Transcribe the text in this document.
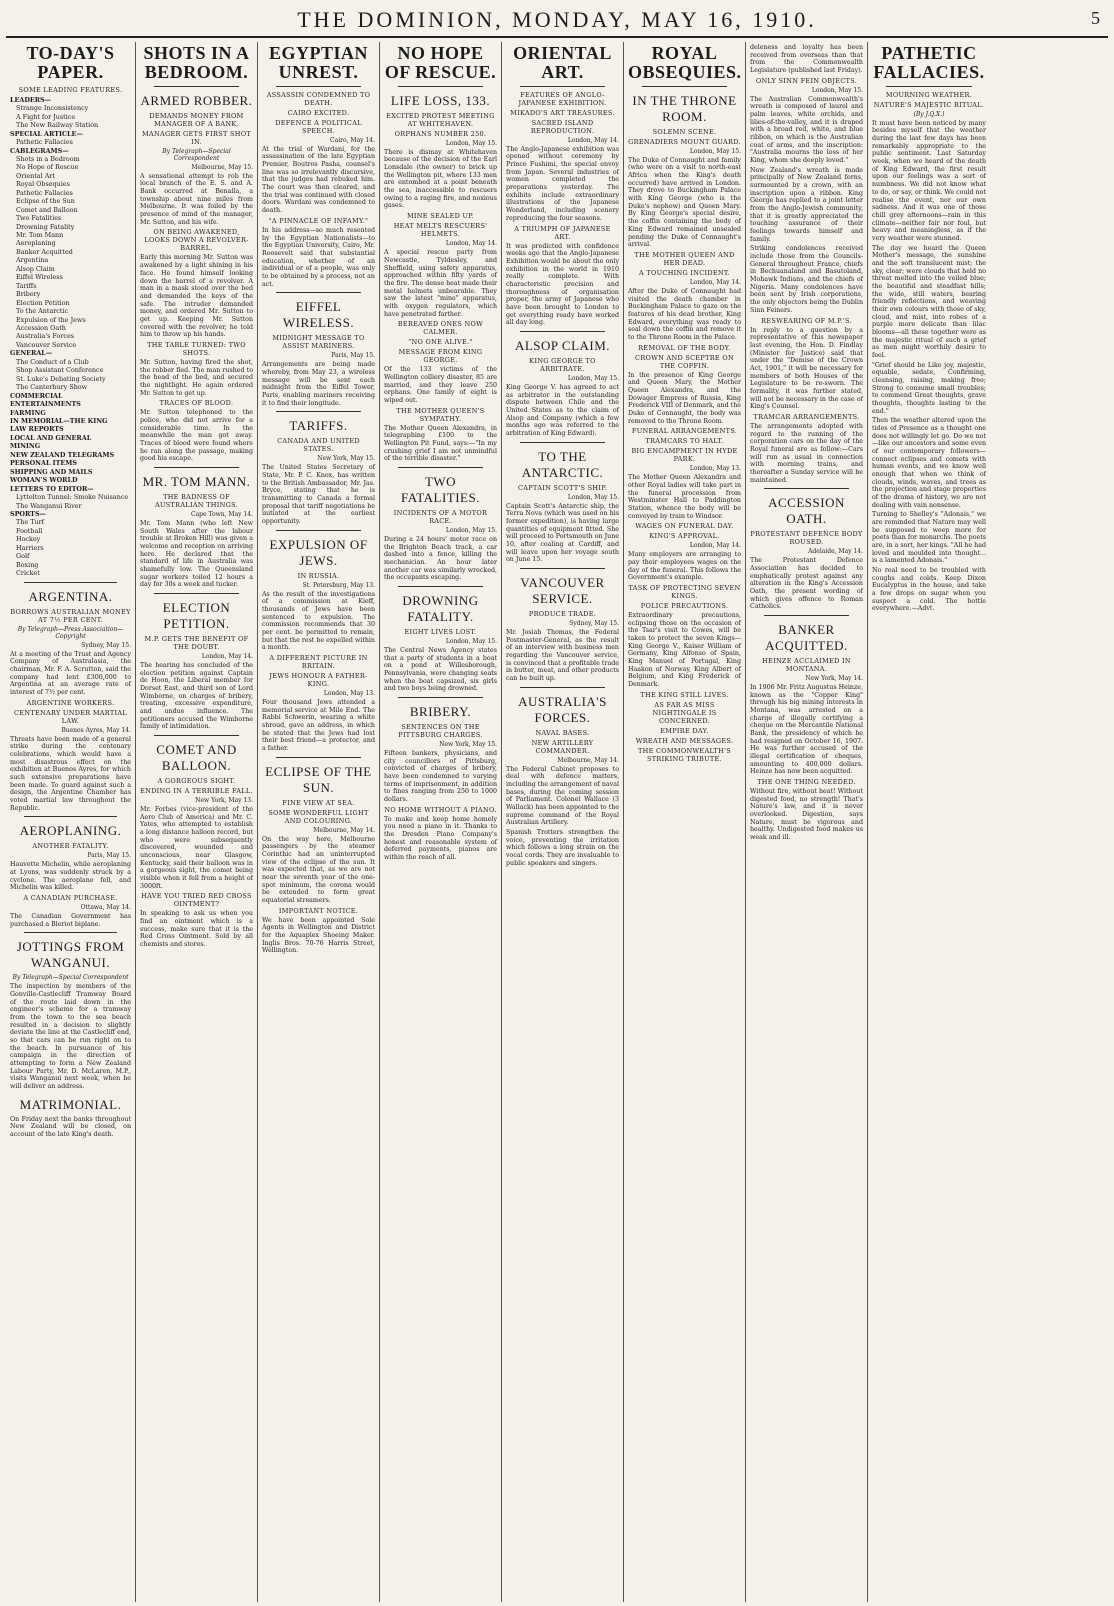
THE DOMINION, MONDAY, MAY 16, 1910.	5
TO-DAY'S PAPER.
SOME LEADING FEATURES.
LEADERS—
Strange Inconsistency
A Fight for Justice
The New Railway Station
SPECIAL ARTICLE—
Pathetic Fallacies
CABLEGRAMS—
Shots in a Bedroom
No Hope of Rescue
Oriental Art
Royal Obsequies
Pathetic Fallacies
Eclipse of the Sun
Comet and Balloon
Two Fatalities
Drowning Fatality
Mr. Tom Mann
Aeroplaning
Banker Acquitted
Argentina
Alsop Claim
Eiffel Wireless
Tariffs
Bribery
Election Petition
To the Antarctic
Expulsion of the Jews
Accession Oath
Australia's Forces
Vancouver Service
GENERAL—
The Conduct of a Club
Shop Assistant Conference
St. Luke's Debating Society
The Canterbury Show
COMMERCIAL
ENTERTAINMENTS
FARMING
IN MEMORIAL—THE KING
LAW REPORTS
LOCAL AND GENERAL
MINING
NEW ZEALAND TELEGRAMS
PERSONAL ITEMS
SHIPPING AND MAILS
WOMAN'S WORLD
LETTERS TO EDITOR—
Lyttelton Tunnel: Smoke Nuisance
The Wanganui River
SPORTS—
The Turf
Football
Hockey
Harriers
Golf
Boxing
Cricket
ARGENTINA.
BORROWS AUSTRALIAN MONEY AT 7½ PER CENT.
By Telegraph—Press Association—Copyright
Sydney, May 15.
At a meeting of the Trust and Agency Company of Australasia, the chairman, Mr. F. A. Scrutton, said the company had lent £300,000 to Argentina at an average rate of interest of 7½ per cent.
ARGENTINE WORKERS.
CENTENARY UNDER MARTIAL LAW.
Buenos Ayres, May 14.
Threats have been made of a general strike during the centenary celebrations, which would have a most disastrous effect on the exhibition at Buenos Ayres, for which such extensive preparations have been made. To guard against such a design, the Argentine Chamber has voted martial law throughout the Republic.
AEROPLANING.
ANOTHER FATALITY.
Paris, May 15.
Hauvette Michelin, while aeroplaning at Lyons, was suddenly struck by a cyclone. The aeroplane fell, and Michelin was killed.
A CANADIAN PURCHASE.
Ottawa, May 14.
The Canadian Government has purchased a Bleriot biplane.
JOTTINGS FROM WANGANUI.
By Telegraph—Special Correspondent
The inspection by members of the Gonville-Castlecliff Tramway Board of the route laid down in the engineer's scheme for a tramway from the town to the sea beach resulted in a decision to slightly deviate the line at the Castlecliff end, so that cars can be run right on to the beach. In pursuance of his campaign in the direction of attempting to form a New Zealand Labour Party, Mr. D. McLaren, M.P., visits Wanganui next week, when he will deliver an address.
MATRIMONIAL.
On Friday next the banks throughout New Zealand will be closed, on account of the late King's death.
SHOTS IN A BEDROOM.
ARMED ROBBER.
DEMANDS MONEY FROM MANAGER OF A BANK.
MANAGER GETS FIRST SHOT IN.
By Telegraph—Special Correspondent
Melbourne, May 15.
A sensational attempt to rob the local branch of the E. S. and A. Bank occurred at Benalla, a township about nine miles from Melbourne. It was foiled by the presence of mind of the manager, Mr. Sutton, and his wife.
ON BEING AWAKENED, LOOKS DOWN A REVOLVER-BARREL.
Early this morning Mr. Sutton was awakened by a light shining in his face. He found himself looking down the barrel of a revolver. A man in a mask stood over the bed and demanded the keys of the safe. The intruder demanded money, and ordered Mr. Sutton to get up. Keeping Mr. Sutton covered with the revolver, he told him to throw up his hands.
THE TABLE TURNED: TWO SHOTS.
Mr. Sutton, having fired the shot, the robber fled. The man rushed to the head of the bed, and secured the nightlight. He again ordered Mr. Sutton to get up.
TRACES OF BLOOD.
Mr. Sutton telephoned to the police, who did not arrive for a considerable time. In the meanwhile the man got away. Traces of blood were found where he ran along the passage, making good his escape.
MR. TOM MANN.
THE BADNESS OF AUSTRALIAN THINGS.
Cape Town, May 14.
Mr. Tom Mann (who left New South Wales after the labour trouble at Broken Hill) was given a welcome and reception on arriving here. He declared that the standard of life in Australia was shamefully low. The Queensland sugar workers toiled 12 hours a day for 30s a week and tucker.
ELECTION PETITION.
M.P. GETS THE BENEFIT OF THE DOUBT.
London, May 14.
The hearing has concluded of the election petition against Captain de Hoon, the Liberal member for Dorset East, and third son of Lord Wimborne, on charges of bribery, treating, excessive expenditure, and undue influence. The petitioners accused the Wimborne family of intimidation.
COMET AND BALLOON.
A GORGEOUS SIGHT.
ENDING IN A TERRIBLE FALL.
New York, May 13.
Mr. Forbes (vice-president of the Aero Club of America) and Mr. C. Yates, who attempted to establish a long distance balloon record, but who were subsequently discovered, wounded and unconscious, near Glasgow, Kentucky, said their balloon was in a gorgeous sight, the comet being visible when it fell from a height of 3000ft.
HAVE YOU TRIED RED CROSS OINTMENT?
In speaking to ask us when you find an ointment which is a success, make sure that it is the Red Cross Ointment. Sold by all chemists and stores.
EGYPTIAN UNREST.
ASSASSIN CONDEMNED TO DEATH.
CAIRO EXCITED.
DEFENCE A POLITICAL SPEECH.
Cairo, May 14.
At the trial of Wardani, for the assassination of the late Egyptian Premier, Boutros Pasha, counsel's line was so irrelevantly discursive, that the judges had rebuked him. The court was then cleared, and the trial was continued with closed doors. Wardani was condemned to death.
"A PINNACLE OF INFAMY."
In his address—so much resented by the Egyptian Nationalists—to the Egyptian University, Cairo, Mr. Roosevelt said that substantial education, whether of an individual or of a people, was only to be obtained by a process, not an act.
EIFFEL WIRELESS.
MIDNIGHT MESSAGE TO ASSIST MARINERS.
Paris, May 15.
Arrangements are being made whereby, from May 23, a wireless message will be sent each midnight from the Eiffel Tower, Paris, enabling mariners receiving it to find their longitude.
TARIFFS.
CANADA AND UNITED STATES.
New York, May 15.
The United States Secretary of State, Mr. P. C. Knox, has written to the British Ambassador, Mr. Jas. Bryce, stating that he is transmitting to Canada a formal proposal that tariff negotiations be initiated at the earliest opportunity.
EXPULSION OF JEWS.
IN RUSSIA.
St. Petersburg, May 13.
As the result of the investigations of a commission at Kieff, thousands of Jews have been sentenced to expulsion. The commission recommends that 30 per cent. be permitted to remain, but that the rest be expelled within a month.
A DIFFERENT PICTURE IN BRITAIN.
JEWS HONOUR A FATHER-KING.
London, May 13.
Four thousand Jews attended a memorial service at Mile End. The Rabbi Schwerin, wearing a white shroud, gave an address, in which he stated that the Jews had lost their best friend—a protector, and a father.
ECLIPSE OF THE SUN.
FINE VIEW AT SEA.
SOME WONDERFUL LIGHT AND COLOURING.
Melbourne, May 14.
On the way here, Melbourne passengers by the steamer Corinthic had an uninterrupted view of the eclipse of the sun. It was expected that, as we are not near the seventh year of the one-spot minimum, the corona would be extended to form great equatorial streamers.
IMPORTANT NOTICE.
We have been appointed Sole Agents in Wellington and District for the Aquaplex Shoeing Maker. Inglis Bros. 70-76 Harris Street, Wellington.
NO HOPE OF RESCUE.
LIFE LOSS, 133.
EXCITED PROTEST MEETING AT WHITEHAVEN.
ORPHANS NUMBER 250.
London, May 15.
There is dismay at Whitehaven because of the decision of the Earl Lonsdale (the owner) to brick up the Wellington pit, where 133 men are entombed at a point beneath the sea, inaccessible to rescuers owing to a raging fire, and noxious gases.
MINE SEALED UP.
HEAT MELTS RESCUERS' HELMETS.
London, May 14.
A special rescue party from Newcastle, Tyldesley, and Sheffield, using safety apparatus, approached within fifty yards of the fire. The dense heat made their metal helmets unbearable. They saw the latest "mine" apparatus, with oxygen regulators, which have penetrated farther.
BEREAVED ONES NOW CALMER.
"NO ONE ALIVE."
MESSAGE FROM KING GEORGE.
Of the 133 victims of the Wellington colliery disaster, 85 are married, and they leave 250 orphans. One family of eight is wiped out.
THE MOTHER QUEEN'S SYMPATHY.
The Mother Queen Alexandra, in telegraphing £100 to the Wellington Pit Fund, says:—"In my crushing grief I am not unmindful of the terrible disaster."
TWO FATALITIES.
INCIDENTS OF A MOTOR RACE.
London, May 15.
During a 24 hours' motor race on the Brighton Beach track, a car dashed into a fence, killing the mechanician. An hour later another car was similarly wrecked, the occupants escaping.
DROWNING FATALITY.
EIGHT LIVES LOST.
London, May 15.
The Central News Agency states that a party of students in a boat on a pond at Willesborough, Pennsylvania, were changing seats when the boat capsized, six girls and two boys being drowned.
BRIBERY.
SENTENCES ON THE PITTSBURG CHARGES.
New York, May 15.
Fifteen bankers, physicians, and city councillors of Pittsburg, convicted of charges of bribery, have been condemned to varying terms of imprisonment, in addition to fines ranging from 250 to 1000 dollars.
NO HOME WITHOUT A PIANO.
To make and keep home homely you need a piano in it. Thanks to the Dresden Piano Company's honest and reasonable system of deferred payments, pianos are within the reach of all.
ORIENTAL ART.
FEATURES OF ANGLO-JAPANESE EXHIBITION.
MIKADO'S ART TREASURES.
SACRED ISLAND REPRODUCTION.
London, May 14.
The Anglo-Japanese exhibition was opened without ceremony by Prince Fushimi, the special envoy from Japan. Several industries of women completed the preparations yesterday. The exhibits include extraordinary illustrations of the Japanese Wonderland, including scenery reproducing the four seasons.
A TRIUMPH OF JAPANESE ART.
It was predicted with confidence weeks ago that the Anglo-Japanese Exhibition would be about the only exhibition in the world in 1910 really complete. With characteristic precision and thoroughness of organisation proper, the army of Japanese who have been brought to London to get everything ready have worked all day long.
ALSOP CLAIM.
KING GEORGE TO ARBITRATE.
London, May 15.
King George V. has agreed to act as arbitrator in the outstanding dispute between Chile and the United States as to the claim of Alsop and Company (which a few months ago was referred to the arbitration of King Edward).
TO THE ANTARCTIC.
CAPTAIN SCOTT'S SHIP.
London, May 15.
Captain Scott's Antarctic ship, the Terra Nova (which was used on his former expedition), is having large quantities of equipment fitted. She will proceed to Portsmouth on June 10, after coaling at Cardiff, and will leave upon her voyage south on June 15.
VANCOUVER SERVICE.
PRODUCE TRADE.
Sydney, May 15.
Mr. Josiah Thomas, the Federal Postmaster-General, as the result of an interview with business men regarding the Vancouver service, is convinced that a profitable trade in butter, meat, and other products can be built up.
AUSTRALIA'S FORCES.
NAVAL BASES.
NEW ARTILLERY COMMANDER.
Melbourne, May 14.
The Federal Cabinet proposes to deal with defence matters, including the arrangement of naval bases, during the coming session of Parliament. Colonel Wallace (3 Wallack) has been appointed to the supreme command of the Royal Australian Artillery.
Spanish Trotters strengthen the voice, preventing the irritation which follows a long strain on the vocal cords. They are invaluable to public speakers and singers.
ROYAL OBSEQUIES.
IN THE THRONE ROOM.
SOLEMN SCENE.
GRENADIERS MOUNT GUARD.
London, May 15.
The Duke of Connaught and family (who were on a visit to north-east Africa when the King's death occurred) have arrived in London. They drove to Buckingham Palace with King George (who is the Duke's nephew) and Queen Mary. By King George's special desire, the coffin containing the body of King Edward remained unsealed pending the Duke of Connaught's arrival.
THE MOTHER QUEEN AND HER DEAD.
A TOUCHING INCIDENT.
London, May 14.
After the Duke of Connaught had visited the death chamber in Buckingham Palace to gaze on the features of his dead brother, King Edward, everything was ready to seal down the coffin and remove it to the Throne Room in the Palace.
REMOVAL OF THE BODY.
CROWN AND SCEPTRE ON THE COFFIN.
In the presence of King George and Queen Mary, the Mother Queen Alexandra, and the Dowager Empress of Russia, King Frederick VIII of Denmark, and the Duke of Connaught, the body was removed to the Throne Room.
FUNERAL ARRANGEMENTS.
TRAMCARS TO HALT.
BIG ENCAMPMENT IN HYDE PARK.
London, May 13.
The Mother Queen Alexandra and other Royal ladies will take part in the funeral procession from Westminster Hall to Paddington Station, whence the body will be conveyed by train to Windsor.
WAGES ON FUNERAL DAY.
KING'S APPROVAL.
London, May 14.
Many employers are arranging to pay their employees wages on the day of the funeral. This follows the Government's example.
TASK OF PROTECTING SEVEN KINGS.
POLICE PRECAUTIONS.
Extraordinary precautions, eclipsing those on the occasion of the Tsar's visit to Cowes, will be taken to protect the seven Kings—King George V., Kaiser William of Germany, King Alfonso of Spain, King Manuel of Portugal, King Haakon of Norway, King Albert of Belgium, and King Frederick of Denmark.
THE KING STILL LIVES.
AS FAR AS MISS NIGHTINGALE IS CONCERNED.
EMPIRE DAY.
WREATH AND MESSAGES.
THE COMMONWEALTH'S STRIKING TRIBUTE.
deleness and loyalty has been received from overseas than that from the Commonwealth Legislature (published last Friday).
ONLY SINN FEIN OBJECTS.
London, May 15.
The Australian Commonwealth's wreath is composed of laurel and palm leaves, white orchids, and lilies-of-the-valley, and it is draped with a broad red, white, and blue ribbon, on which is the Australian coat of arms, and the inscription: "Australia mourns the loss of her King, whom she deeply loved."
New Zealand's wreath is made principally of New Zealand ferns, surmounted by a crown, with an inscription upon a ribbon. King George has replied to a joint letter from the Anglo-Jewish community, that it is greatly appreciated the touching assurance of their feelings towards himself and family.
Striking condolences received include those from the Councils-General throughout France, chiefs in Bechuanaland and Basutoland, Mohawk Indians, and the chiefs of Nigeria. Many condolences have been sent by Irish corporations, the only objectors being the Dublin Sinn Feiners.
RESWEARING OF M.P.'S.
In reply to a question by a representative of this newspaper last evening, the Hon. D. Findlay (Minister for Justice) said that under the "Demise of the Crown Act, 1901," it will be necessary for members of both Houses of the Legislature to be re-sworn. The formality, it was further stated, will not be necessary in the case of King's Counsel.
TRAMCAR ARRANGEMENTS.
The arrangements adopted with regard to the running of the corporation cars on the day of the Royal funeral are as follow:—Cars will run as usual in connection with morning trains, and thereafter a Sunday service will be maintained.
ACCESSION OATH.
PROTESTANT DEFENCE BODY ROUSED.
Adelaide, May 14.
The Protestant Defence Association has decided to emphatically protest against any alteration in the King's Accession Oath, the present wording of which gives offence to Roman Catholics.
BANKER ACQUITTED.
HEINZE ACCLAIMED IN MONTANA.
New York, May 14.
In 1906 Mr. Fritz Augustus Heinze, known as the "Copper King" through his big mining interests in Montana, was arrested on a charge of illegally certifying a cheque on the Mercantile National Bank, the presidency of which he had resigned on October 16, 1907. He was further accused of the illegal certification of cheques, amounting to 400,000 dollars. Heinze has now been acquitted.
THE ONE THING NEEDED.
Without fire, without heat! Without digested food, no strength! That's Nature's law, and it is never overlooked. Digestion, says Nature, must be vigorous and healthy. Undigested food makes us weak and ill.
PATHETIC FALLACIES.
MOURNING WEATHER.
NATURE'S MAJESTIC RITUAL.
(By J.Q.X.)
It must have been noticed by many besides myself that the weather during the last few days has been remarkably appropriate to the public sentiment. Last Saturday week, when we heard of the death of King Edward, the first result upon our feelings was a sort of numbness. We did not know what to do, or say, or think. We could not realise the event, nor our own sadness. And it was one of those chill grey afternoons—rain in this climate—neither fair nor foul, but heavy and meaningless, as if the very weather were stunned.
The day we heard the Queen Mother's message, the sunshine and the soft translucent mist; the sky, clear; were clouds that held no threat melted into the veiled blue; the beautiful and steadfast hills; the wide, still waters, bearing friendly reflections, and weaving their own colours with those of sky, cloud, and mist, into robes of a purple more delicate than lilac blooms—all these together were as the majestic ritual of such a grief as men might worthily desire to feel.
"Grief should be Like joy, majestic, equable, sedate, Confirming, cleansing, raising, making free; Strong to consume small troubles; to commend Great thoughts, grave thoughts, thoughts lasting to the end."
Then the weather altered upon the tides of Presence as a thought one does not willingly let go. Do we not—like our ancestors and some even of our contemporary followers—connect eclipses and comets with human events, and we know well enough that when we think of clouds, winds, waves, and trees as the projection and stage properties of the drama of history, we are not dealing with vain nonsense.
Turning to Shelley's "Adonais," we are reminded that Nature may well be supposed to weep more for poets than for monarchs. The poets are, in a sort, her kings. "All he had loved and moulded into thought... is a lamented Adonais."
No real need to be troubled with coughs and colds. Keep Dixon Eucalyptus in the house, and take a few drops on sugar when you suspect a cold. The bottle everywhere.—Advt.
